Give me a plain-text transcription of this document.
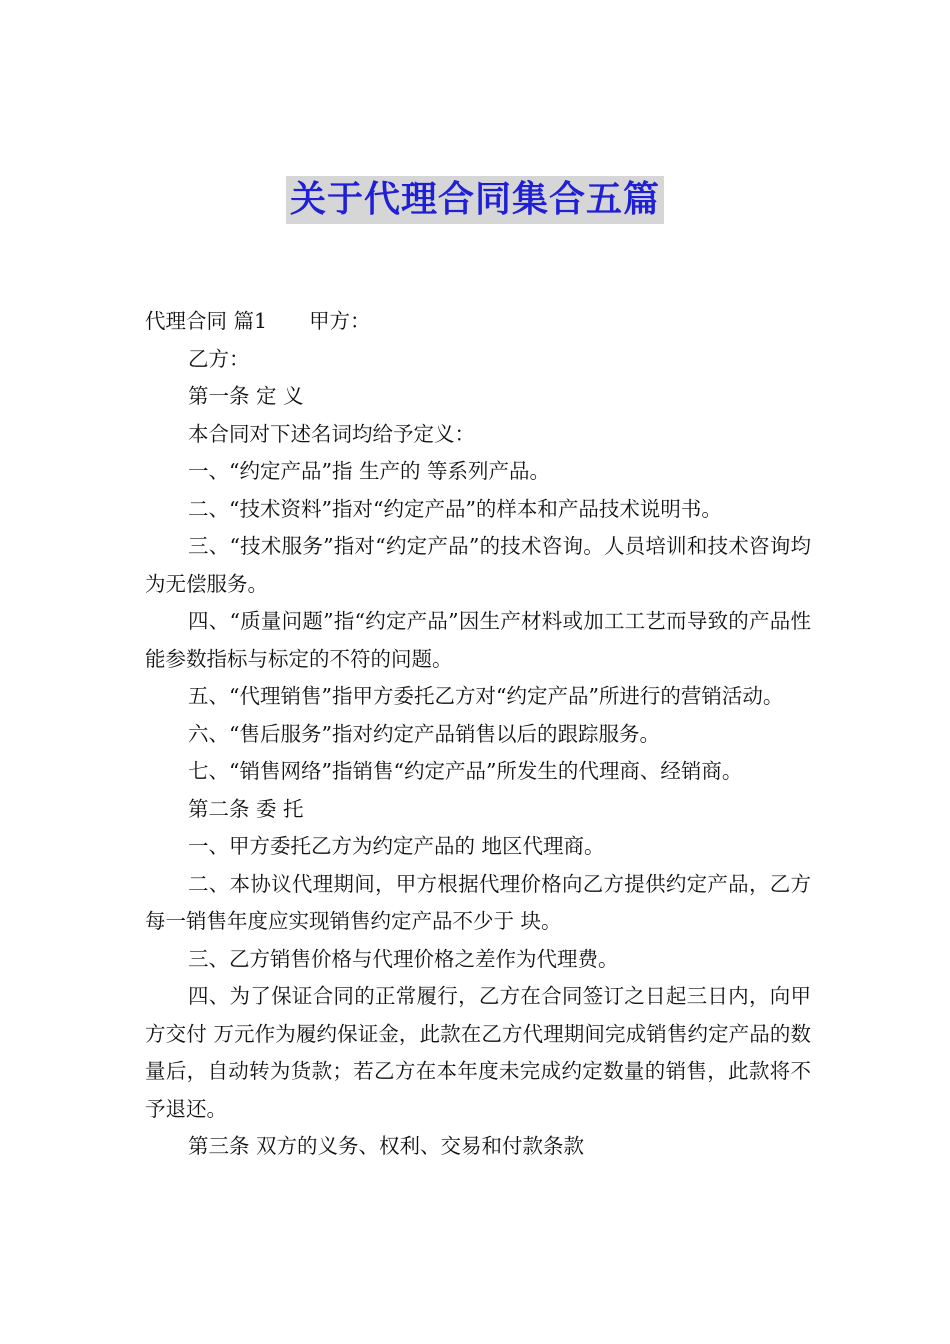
关于代理合同集合五篇

代理合同 篇1 甲方：

乙方：

第一条 定 义

本合同对下述名词均给予定义：

一、“约定产品”指 生产的 等系列产品。

二、“技术资料”指对“约定产品”的样本和产品技术说明书。

三、“技术服务”指对“约定产品”的技术咨询。人员培训和技术咨询均为无偿服务。

四、“质量问题”指“约定产品”因生产材料或加工工艺而导致的产品性能参数指标与标定的不符的问题。

五、“代理销售”指甲方委托乙方对“约定产品”所进行的营销活动。

六、“售后服务”指对约定产品销售以后的跟踪服务。

七、“销售网络”指销售“约定产品”所发生的代理商、经销商。

第二条 委 托

一、甲方委托乙方为约定产品的 地区代理商。

二、本协议代理期间，甲方根据代理价格向乙方提供约定产品，乙方每一销售年度应实现销售约定产品不少于 块。

三、乙方销售价格与代理价格之差作为代理费。

四、为了保证合同的正常履行，乙方在合同签订之日起三日内，向甲方交付 万元作为履约保证金，此款在乙方代理期间完成销售约定产品的数量后，自动转为货款；若乙方在本年度未完成约定数量的销售，此款将不予退还。

第三条 双方的义务、权利、交易和付款条款
